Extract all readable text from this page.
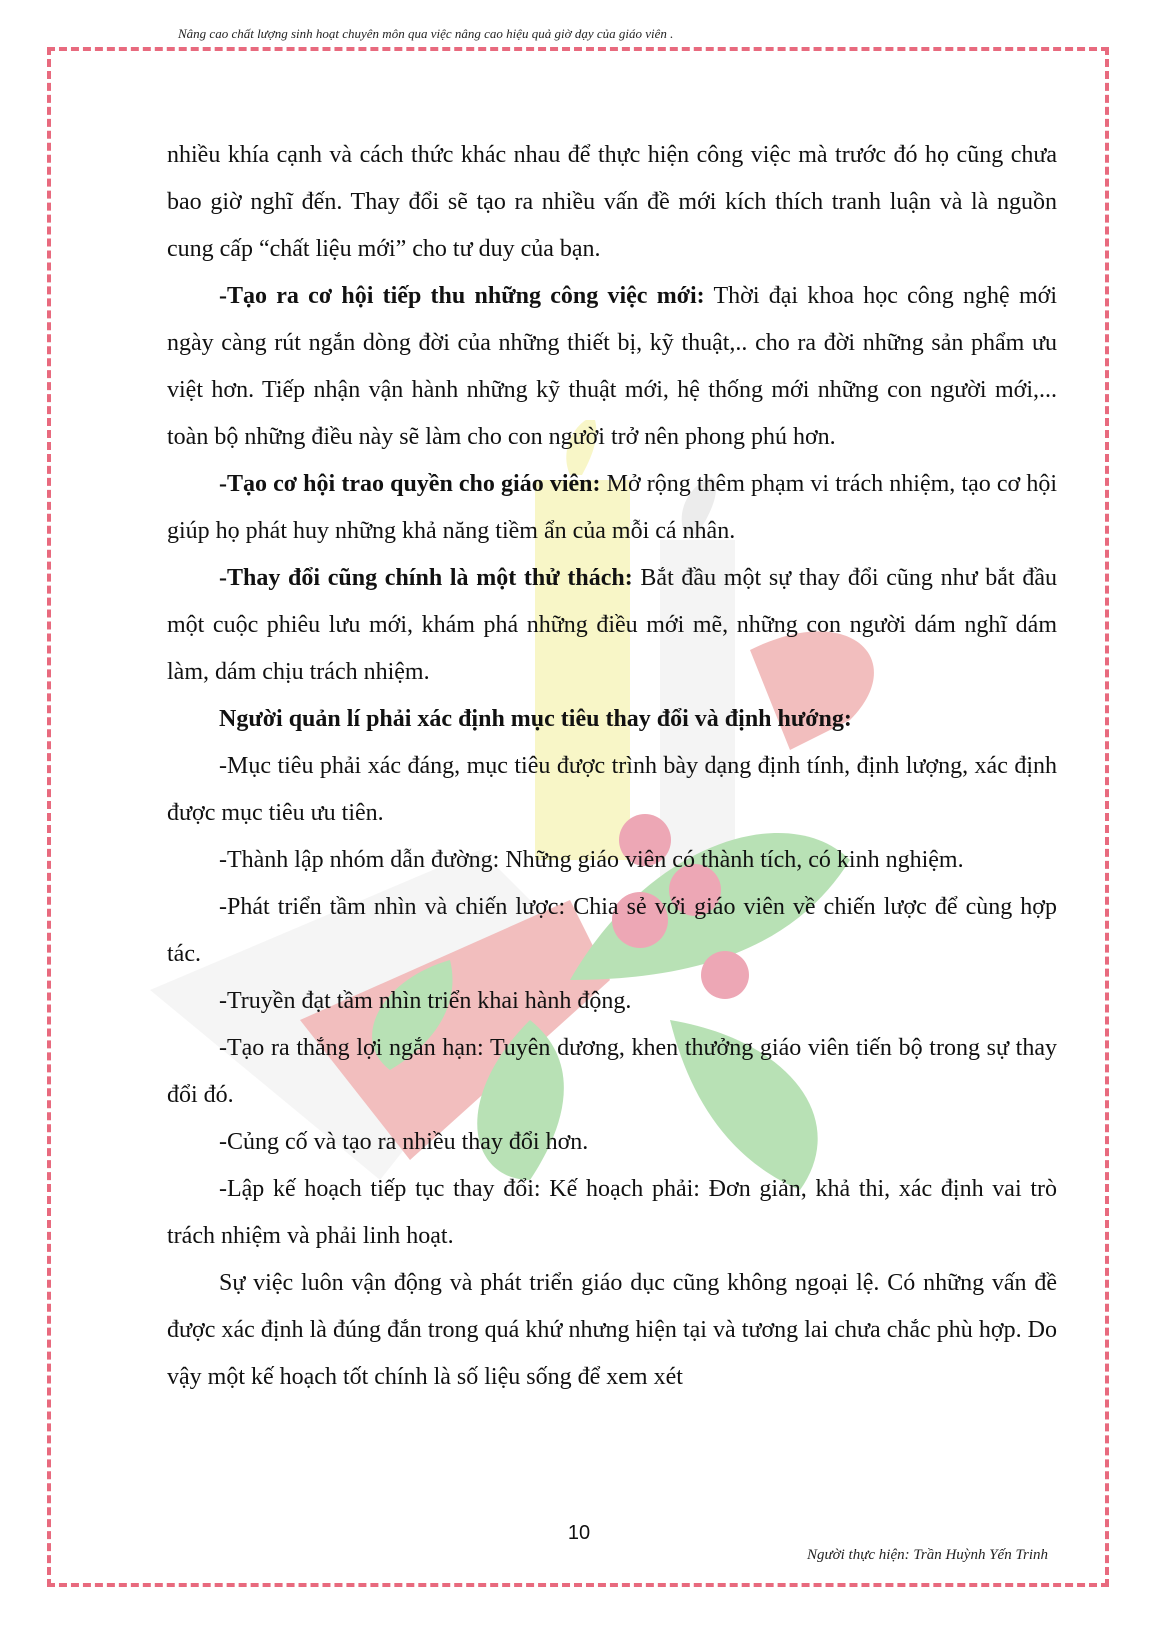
Nâng cao chất lượng sinh hoạt chuyên môn qua việc nâng cao hiệu quả giờ dạy của giáo viên .

nhiều khía cạnh và cách thức khác nhau để thực hiện công việc mà trước đó họ cũng chưa bao giờ nghĩ đến. Thay đổi sẽ tạo ra nhiều vấn đề mới kích thích tranh luận và là nguồn cung cấp “chất liệu mới” cho tư duy của bạn.

-Tạo ra cơ hội tiếp thu những công việc mới: Thời đại khoa học công nghệ mới ngày càng rút ngắn dòng đời của những thiết bị, kỹ thuật,.. cho ra đời những sản phẩm ưu việt hơn. Tiếp nhận vận hành những kỹ thuật mới, hệ thống mới những con người mới,... toàn bộ những điều này sẽ làm cho con người trở nên phong phú hơn.

-Tạo cơ hội trao quyền cho giáo viên: Mở rộng thêm phạm vi trách nhiệm, tạo cơ hội giúp họ phát huy những khả năng tiềm ẩn của mỗi cá nhân.

-Thay đổi cũng chính là một thử thách: Bắt đầu một sự thay đổi cũng như bắt đầu một cuộc phiêu lưu mới, khám phá những điều mới mẽ, những con người dám nghĩ dám làm, dám chịu trách nhiệm.

Người quản lí phải xác định mục tiêu thay đổi và định hướng:

-Mục tiêu phải xác đáng, mục tiêu được trình bày dạng định tính, định lượng, xác định được mục tiêu ưu tiên.

-Thành lập nhóm dẫn đường: Những giáo viên có thành tích, có kinh nghiệm.

-Phát triển tầm nhìn và chiến lược: Chia sẻ với giáo viên về chiến lược để cùng hợp tác.

-Truyền đạt tầm nhìn triển khai hành động.

-Tạo ra thắng lợi ngắn hạn: Tuyên dương, khen thưởng giáo viên tiến bộ trong sự thay đổi đó.

-Củng cố và tạo ra nhiều thay đổi hơn.

-Lập kế hoạch tiếp tục thay đổi: Kế hoạch phải: Đơn giản, khả thi, xác định vai trò trách nhiệm và phải linh hoạt.

Sự việc luôn vận động và phát triển giáo dục cũng không ngoại lệ. Có những vấn đề được xác định là đúng đắn trong quá khứ nhưng hiện tại và tương lai chưa chắc phù hợp. Do vậy một kế hoạch tốt chính là số liệu sống để xem xét

10
Người thực hiện: Trần Huỳnh Yến Trinh
